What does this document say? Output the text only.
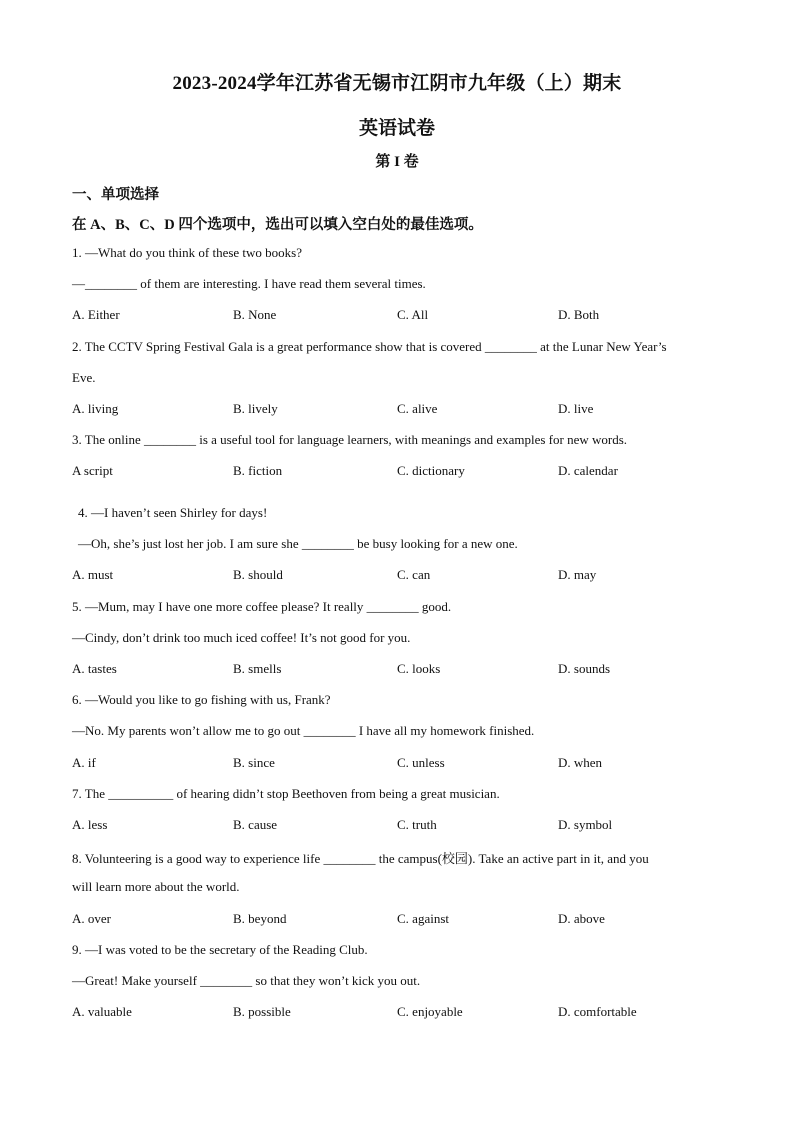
2023-2024学年江苏省无锡市江阴市九年级（上）期末
英语试卷
第 I 卷
一、单项选择
在 A、B、C、D 四个选项中，选出可以填入空白处的最佳选项。
1. —What do you think of these two books?
—________ of them are interesting. I have read them several times.
A. Either	B. None	C. All	D. Both
2. The CCTV Spring Festival Gala is a great performance show that is covered ________ at the Lunar New Year’s
Eve.
A. living	B. lively	C. alive	D. live
3. The online ________ is a useful tool for language learners, with meanings and examples for new words.
A script	B. fiction	C. dictionary	D. calendar
4. —I haven’t seen Shirley for days!
—Oh, she’s just lost her job. I am sure she ________ be busy looking for a new one.
A. must	B. should	C. can	D. may
5. —Mum, may I have one more coffee please? It really ________ good.
—Cindy, don’t drink too much iced coffee! It’s not good for you.
A. tastes	B. smells	C. looks	D. sounds
6. —Would you like to go fishing with us, Frank?
—No. My parents won’t allow me to go out ________ I have all my homework finished.
A. if	B. since	C. unless	D. when
7. The __________ of hearing didn’t stop Beethoven from being a great musician.
A. less	B. cause	C. truth	D. symbol
8. Volunteering is a good way to experience life ________ the campus(校园). Take an active part in it, and you
will learn more about the world.
A. over	B. beyond	C. against	D. above
9. —I was voted to be the secretary of the Reading Club.
—Great! Make yourself ________ so that they won’t kick you out.
A. valuable	B. possible	C. enjoyable	D. comfortable
